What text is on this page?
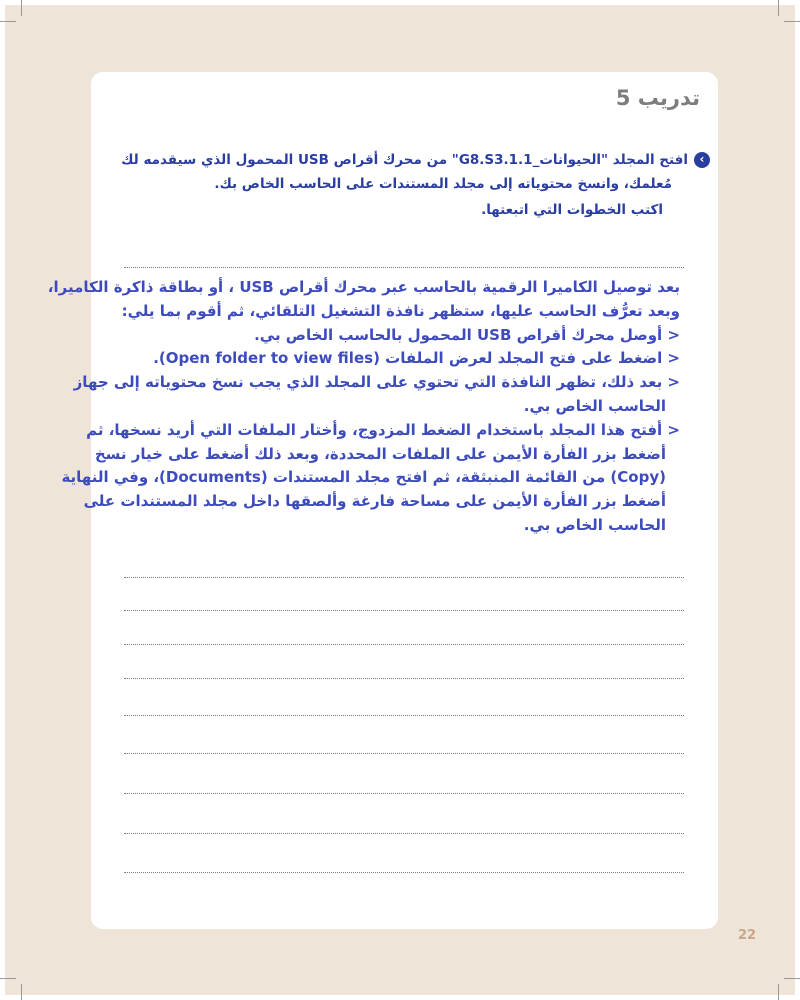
تدريب 5
›
افتح المجلد "الحيوانات_G8.S3.1.1" من محرك أقراص USB المحمول الذي سيقدمه لك
مُعلمك، وانسخ محتوياته إلى مجلد المستندات على الحاسب الخاص بك.

اكتب الخطوات التي اتبعتها.

بعد توصيل الكاميرا الرقمية بالحاسب عبر محرك أقراص USB ، أو بطاقة ذاكرة الكاميرا،
وبعد تعرُّف الحاسب عليها، ستظهر نافذة التشغيل التلقائي، ثم أقوم بما يلي:
< أوصل محرك أقراص USB المحمول بالحاسب الخاص بي.
< اضغط على فتح المجلد لعرض الملفات (Open folder to view files).
< بعد ذلك، تظهر النافذة التي تحتوي على المجلد الذي يجب نسخ محتوياته إلى جهاز
الحاسب الخاص بي.
< أفتح هذا المجلد باستخدام الضغط المزدوج، وأختار الملفات التي أريد نسخها، ثم
أضغط بزر الفأرة الأيمن على الملفات المحددة، وبعد ذلك أضغط على خيار نسخ
(Copy) من القائمة المنبثقة، ثم افتح مجلد المستندات (Documents)، وفي النهاية
أضغط بزر الفأرة الأيمن على مساحة فارغة وألصقها داخل مجلد المستندات على
الحاسب الخاص بي.
22
